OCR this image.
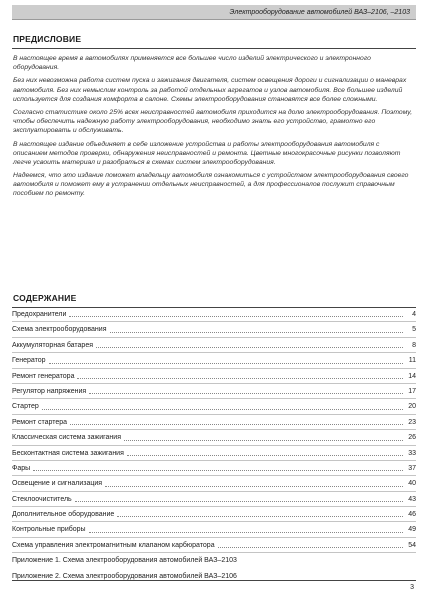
Электрооборудование автомобилей ВАЗ–2106, –2103
ПРЕДИСЛОВИЕ

В настоящее время в автомобилях применяется все большее число изделий электрического и электронного оборудования.

Без них невозможна работа систем пуска и зажигания двигателя, систем освещения дороги и сигнализации о маневрах автомобиля. Без них немыслим контроль за работой отдельных агрегатов и узлов автомобиля. Все большее изделий используется для создания комфорта в салоне. Схемы электрооборудования становятся все более сложными.

Согласно статистике около 25% всех неисправностей автомобиля приходится на долю электрооборудования. Поэтому, чтобы обеспечить надежную работу электрооборудования, необходимо знать его устройство, грамотно его эксплуатировать и обслуживать.

В настоящее издание объединяет в себе изложение устройства и работы электрооборудования автомобиля с описанием методов проверки, обнаружения неисправностей и ремонта. Цветные многокрасочные рисунки позволяют легче усвоить материал и разобраться в схемах систем электрооборудования.

Надеемся, что это издание поможет владельцу автомобиля ознакомиться с устройством электрооборудования своего автомобиля и поможет ему в устранении отдельных неисправностей, а для профессионалов послужит справочным пособием по ремонту.

СОДЕРЖАНИЕ
Предохранители	4
Схема электрооборудования	5
Аккумуляторная батарея	8
Генератор	11
Ремонт генератора	14
Регулятор напряжения	17
Стартер	20
Ремонт стартера	23
Классическая система зажигания	26
Бесконтактная система зажигания	33
Фары	37
Освещение и сигнализация	40
Стеклоочиститель	43
Дополнительное оборудование	46
Контрольные приборы	49
Схема управления электромагнитным клапаном карбюратора	54
Приложение 1. Схема электрооборудования автомобилей ВАЗ–2103
Приложение 2. Схема электрооборудования автомобилей ВАЗ–2106
3
